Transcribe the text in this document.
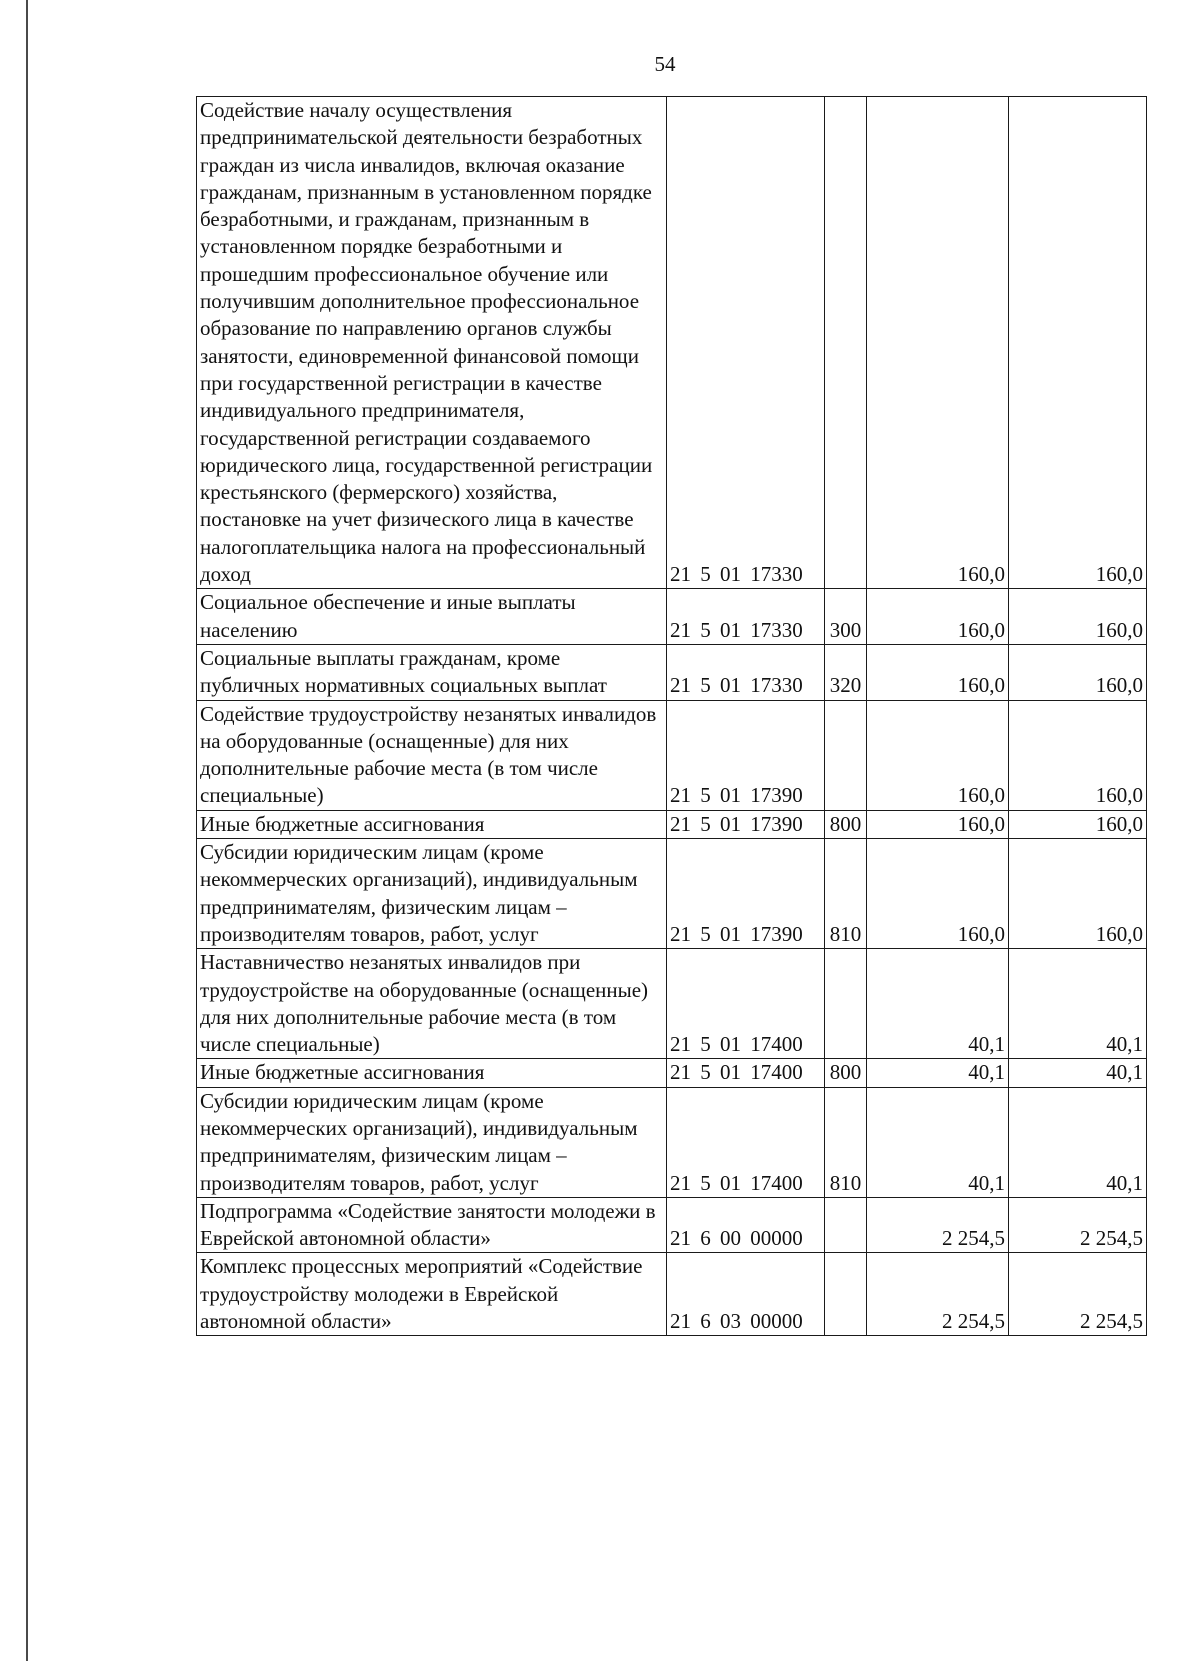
54
Содействие началу осуществления предпринимательской деятельности безработных граждан из числа инвалидов, включая оказание гражданам, признанным в установленном порядке безработными, и гражданам, признанным в установленном порядке безработными и прошедшим профессиональное обучение или получившим дополнительное профессиональное образование по направлению органов службы занятости, единовременной финансовой помощи при государственной регистрации в качестве индивидуального предпринимателя, государственной регистрации создаваемого юридического лица, государственной регистрации крестьянского (фермерского) хозяйства, постановке на учет физического лица в качестве налогоплательщика налога на профессиональный доход	21 5 01 17330		160,0	160,0
Социальное обеспечение и иные выплаты населению	21 5 01 17330	300	160,0	160,0
Социальные выплаты гражданам, кроме публичных нормативных социальных выплат	21 5 01 17330	320	160,0	160,0
Содействие трудоустройству незанятых инвалидов на оборудованные (оснащенные) для них дополнительные рабочие места (в том числе специальные)	21 5 01 17390		160,0	160,0
Иные бюджетные ассигнования	21 5 01 17390	800	160,0	160,0
Субсидии юридическим лицам (кроме некоммерческих организаций), индивидуальным предпринимателям, физическим лицам – производителям товаров, работ, услуг	21 5 01 17390	810	160,0	160,0
Наставничество незанятых инвалидов при трудоустройстве на оборудованные (оснащенные) для них дополнительные рабочие места (в том числе специальные)	21 5 01 17400		40,1	40,1
Иные бюджетные ассигнования	21 5 01 17400	800	40,1	40,1
Субсидии юридическим лицам (кроме некоммерческих организаций), индивидуальным предпринимателям, физическим лицам – производителям товаров, работ, услуг	21 5 01 17400	810	40,1	40,1
Подпрограмма «Содействие занятости молодежи в Еврейской автономной области»	21 6 00 00000		2 254,5	2 254,5
Комплекс процессных мероприятий «Содействие трудоустройству молодежи в Еврейской автономной области»	21 6 03 00000		2 254,5	2 254,5
